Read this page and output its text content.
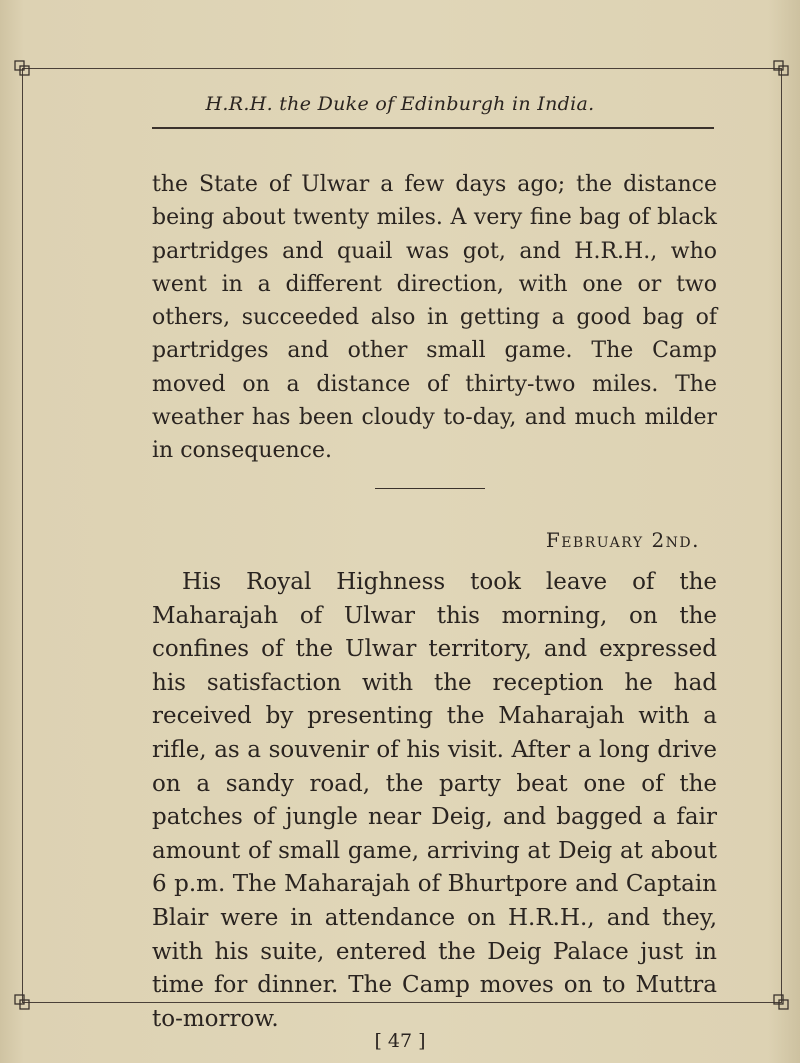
H.R.H. the Duke of Edinburgh in India.
the State of Ulwar a few days ago; the distance being about twenty miles. A very fine bag of black partridges and quail was got, and H.R.H., who went in a different direction, with one or two others, succeeded also in getting a good bag of partridges and other small game. The Camp moved on a distance of thirty-two miles. The weather has been cloudy to-day, and much milder in consequence.
February 2nd.
His Royal Highness took leave of the Maharajah of Ulwar this morning, on the confines of the Ulwar territory, and expressed his satisfaction with the reception he had received by presenting the Maharajah with a rifle, as a souvenir of his visit. After a long drive on a sandy road, the party beat one of the patches of jungle near Deig, and bagged a fair amount of small game, arriving at Deig at about 6 p.m. The Maharajah of Bhurtpore and Captain Blair were in attendance on H.R.H., and they, with his suite, entered the Deig Palace just in time for dinner. The Camp moves on to Muttra to-morrow.
[ 47 ]
